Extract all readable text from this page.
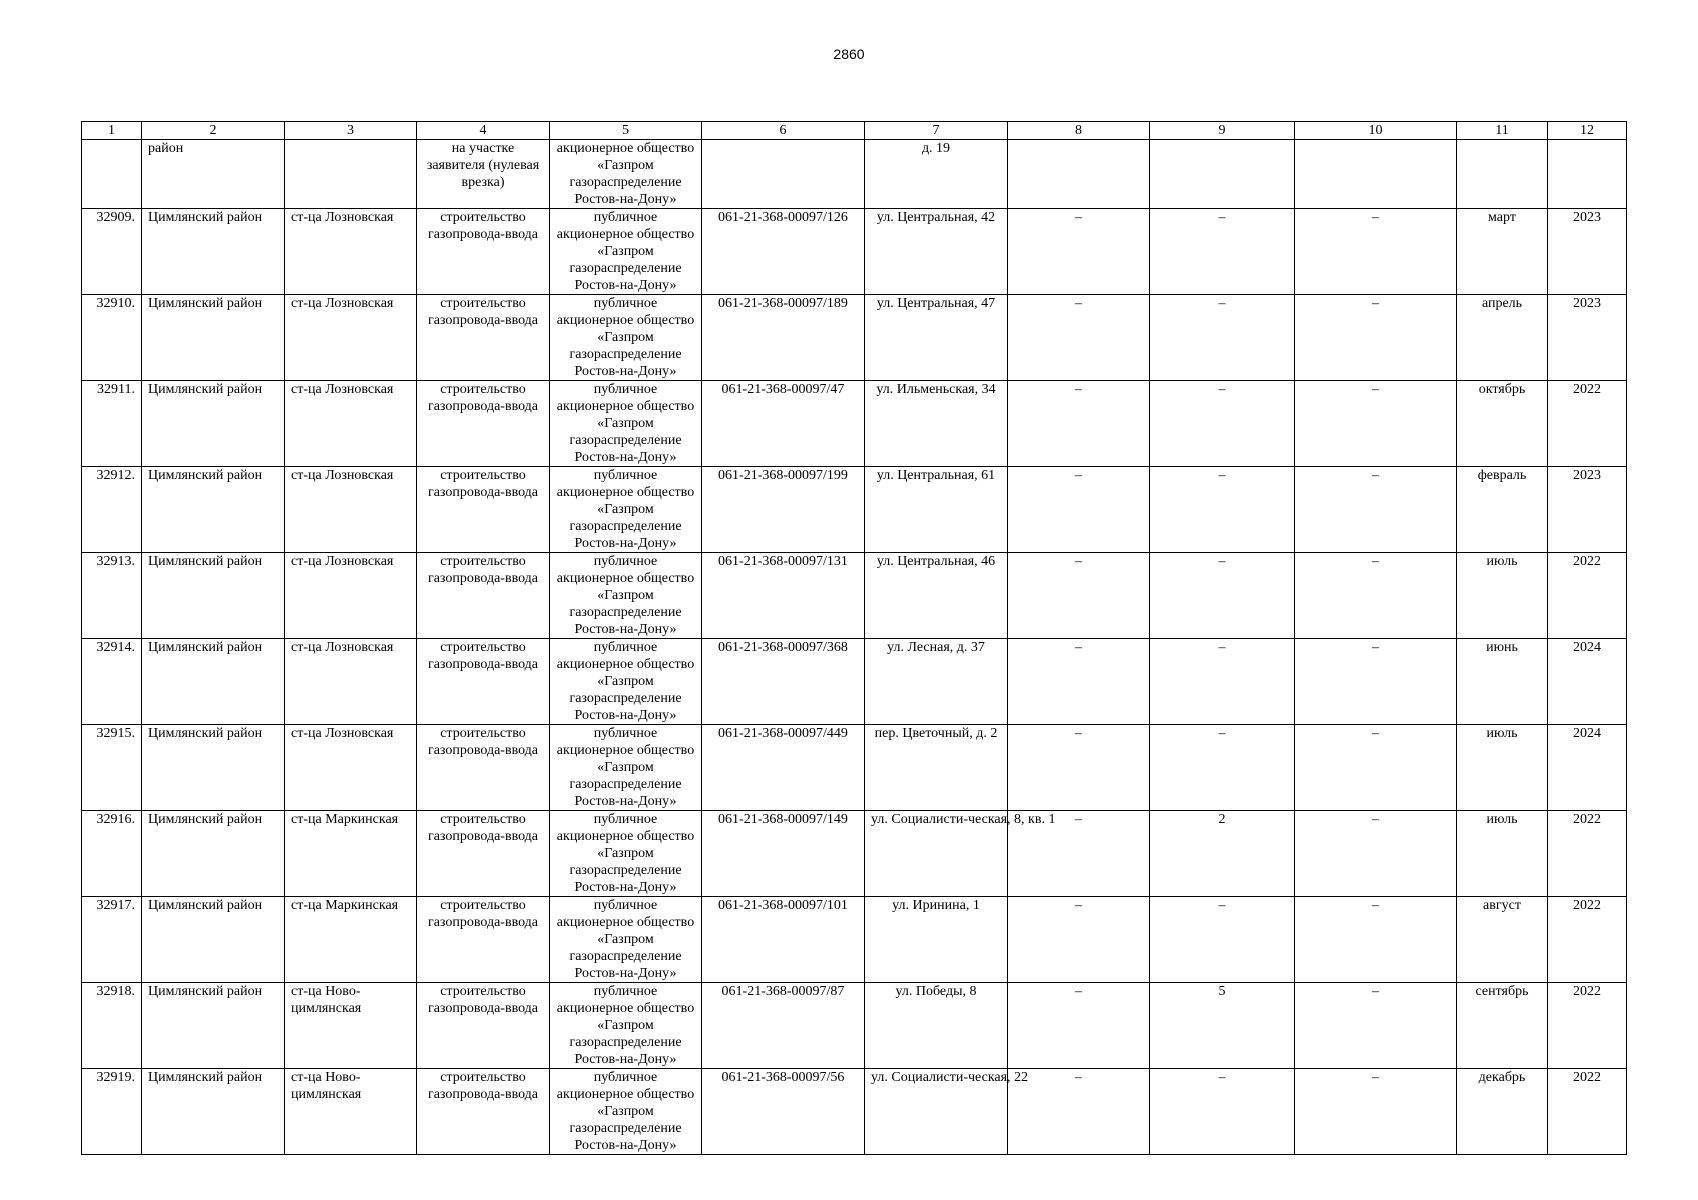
2860
1	2	3	4	5	6	7	8	9	10	11	12
	район		на участке заявителя (нулевая врезка)	акционерное общество «Газпром газораспределение Ростов-на-Дону»		д. 19					
32909.	Цимлянский район	ст-ца Лозновская	строительство газопровода-ввода	публичное акционерное общество «Газпром газораспределение Ростов-на-Дону»	061-21-368-00097/126	ул. Центральная, 42	–	–	–	март	2023
32910.	Цимлянский район	ст-ца Лозновская	строительство газопровода-ввода	публичное акционерное общество «Газпром газораспределение Ростов-на-Дону»	061-21-368-00097/189	ул. Центральная, 47	–	–	–	апрель	2023
32911.	Цимлянский район	ст-ца Лозновская	строительство газопровода-ввода	публичное акционерное общество «Газпром газораспределение Ростов-на-Дону»	061-21-368-00097/47	ул. Ильменьская, 34	–	–	–	октябрь	2022
32912.	Цимлянский район	ст-ца Лозновская	строительство газопровода-ввода	публичное акционерное общество «Газпром газораспределение Ростов-на-Дону»	061-21-368-00097/199	ул. Центральная, 61	–	–	–	февраль	2023
32913.	Цимлянский район	ст-ца Лозновская	строительство газопровода-ввода	публичное акционерное общество «Газпром газораспределение Ростов-на-Дону»	061-21-368-00097/131	ул. Центральная, 46	–	–	–	июль	2022
32914.	Цимлянский район	ст-ца Лозновская	строительство газопровода-ввода	публичное акционерное общество «Газпром газораспределение Ростов-на-Дону»	061-21-368-00097/368	ул. Лесная, д. 37	–	–	–	июнь	2024
32915.	Цимлянский район	ст-ца Лозновская	строительство газопровода-ввода	публичное акционерное общество «Газпром газораспределение Ростов-на-Дону»	061-21-368-00097/449	пер. Цветочный, д. 2	–	–	–	июль	2024
32916.	Цимлянский район	ст-ца Маркинская	строительство газопровода-ввода	публичное акционерное общество «Газпром газораспределение Ростов-на-Дону»	061-21-368-00097/149	ул. Социалисти-ческая, 8, кв. 1	–	2	–	июль	2022
32917.	Цимлянский район	ст-ца Маркинская	строительство газопровода-ввода	публичное акционерное общество «Газпром газораспределение Ростов-на-Дону»	061-21-368-00097/101	ул. Иринина, 1	–	–	–	август	2022
32918.	Цимлянский район	ст-ца Ново-цимлянская	строительство газопровода-ввода	публичное акционерное общество «Газпром газораспределение Ростов-на-Дону»	061-21-368-00097/87	ул. Победы, 8	–	5	–	сентябрь	2022
32919.	Цимлянский район	ст-ца Ново-цимлянская	строительство газопровода-ввода	публичное акционерное общество «Газпром газораспределение Ростов-на-Дону»	061-21-368-00097/56	ул. Социалисти-ческая, 22	–	–	–	декабрь	2022
